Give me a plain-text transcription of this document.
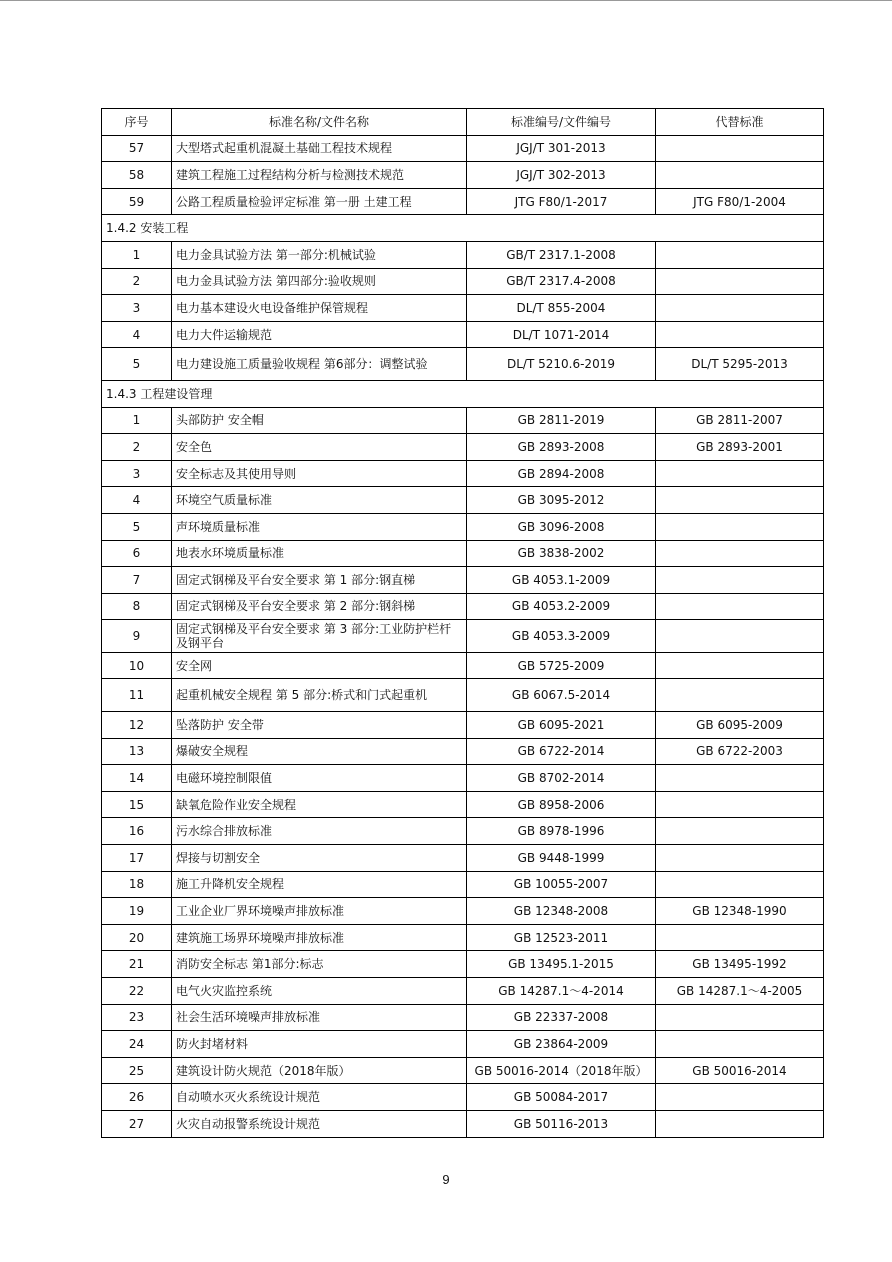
序号	标准名称/文件名称	标准编号/文件编号	代替标准
57	大型塔式起重机混凝土基础工程技术规程	JGJ/T 301-2013	
58	建筑工程施工过程结构分析与检测技术规范	JGJ/T 302-2013	
59	公路工程质量检验评定标准 第一册 土建工程	JTG F80/1-2017	JTG F80/1-2004
1.4.2 安装工程			
1	电力金具试验方法 第一部分:机械试验	GB/T 2317.1-2008	
2	电力金具试验方法 第四部分:验收规则	GB/T 2317.4-2008	
3	电力基本建设火电设备维护保管规程	DL/T 855-2004	
4	电力大件运输规范	DL/T 1071-2014	
5	电力建设施工质量验收规程 第6部分：调整试验	DL/T 5210.6-2019	DL/T 5295-2013
1.4.3 工程建设管理			
1	头部防护 安全帽	GB 2811-2019	GB 2811-2007
2	安全色	GB 2893-2008	GB 2893-2001
3	安全标志及其使用导则	GB 2894-2008	
4	环境空气质量标准	GB 3095-2012	
5	声环境质量标准	GB 3096-2008	
6	地表水环境质量标准	GB 3838-2002	
7	固定式钢梯及平台安全要求 第 1 部分:钢直梯	GB 4053.1-2009	
8	固定式钢梯及平台安全要求 第 2 部分:钢斜梯	GB 4053.2-2009	
9	固定式钢梯及平台安全要求 第 3 部分:工业防护栏杆及钢平台	GB 4053.3-2009	
10	安全网	GB 5725-2009	
11	起重机械安全规程 第 5 部分:桥式和门式起重机	GB 6067.5-2014	
12	坠落防护 安全带	GB 6095-2021	GB 6095-2009
13	爆破安全规程	GB 6722-2014	GB 6722-2003
14	电磁环境控制限值	GB 8702-2014	
15	缺氧危险作业安全规程	GB 8958-2006	
16	污水综合排放标准	GB 8978-1996	
17	焊接与切割安全	GB 9448-1999	
18	施工升降机安全规程	GB 10055-2007	
19	工业企业厂界环境噪声排放标准	GB 12348-2008	GB 12348-1990
20	建筑施工场界环境噪声排放标准	GB 12523-2011	
21	消防安全标志 第1部分:标志	GB 13495.1-2015	GB 13495-1992
22	电气火灾监控系统	GB 14287.1～4-2014	GB 14287.1～4-2005
23	社会生活环境噪声排放标准	GB 22337-2008	
24	防火封堵材料	GB 23864-2009	
25	建筑设计防火规范（2018年版）	GB 50016-2014（2018年版）	GB 50016-2014
26	自动喷水灭火系统设计规范	GB 50084-2017	
27	火灾自动报警系统设计规范	GB 50116-2013	
9
